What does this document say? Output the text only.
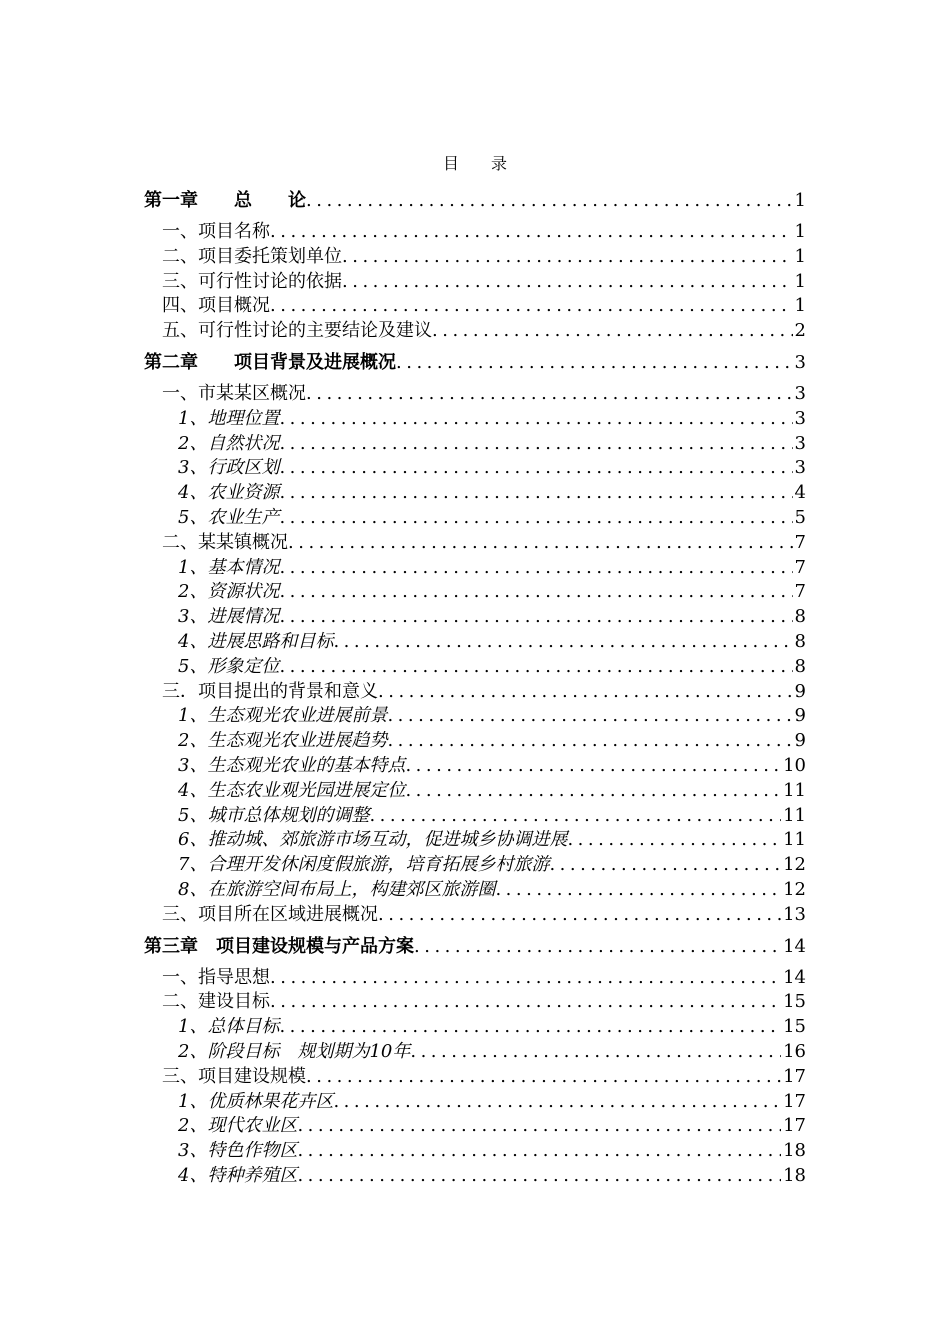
目　　录
第一章　　总　　论 .....	1
一、项目名称 .....	1
二、项目委托策划单位 .....	1
三、可行性讨论的依据 .....	1
四、项目概况 .....	1
五、可行性讨论的主要结论及建议 .....	2
第二章　　项目背景及进展概况 .....	3
一、市某某区概况 .....	3
1、地理位置 .....	3
2、自然状况 .....	3
3、行政区划 .....	3
4、农业资源 .....	4
5、农业生产 .....	5
二、某某镇概况 .....	7
1、基本情况 .....	7
2、资源状况 .....	7
3、进展情况 .....	8
4、进展思路和目标 .....	8
5、形象定位 .....	8
三．项目提出的背景和意义 .....	9
1、生态观光农业进展前景 .....	9
2、生态观光农业进展趋势 .....	9
3、生态观光农业的基本特点 .....	10
4、生态农业观光园进展定位 .....	11
5、城市总体规划的调整 .....	11
6、推动城、郊旅游市场互动，促进城乡协调进展 .....	11
7、合理开发休闲度假旅游，培育拓展乡村旅游 .....	12
8、在旅游空间布局上，构建郊区旅游圈 .....	12
三、项目所在区域进展概况 .....	13
第三章　项目建设规模与产品方案 .....	14
一、指导思想 .....	14
二、建设目标 .....	15
1、总体目标 .....	15
2、阶段目标　规划期为10年 .....	16
三、项目建设规模 .....	17
1、优质林果花卉区 .....	17
2、现代农业区 .....	17
3、特色作物区 .....	18
4、特种养殖区 .....	18
